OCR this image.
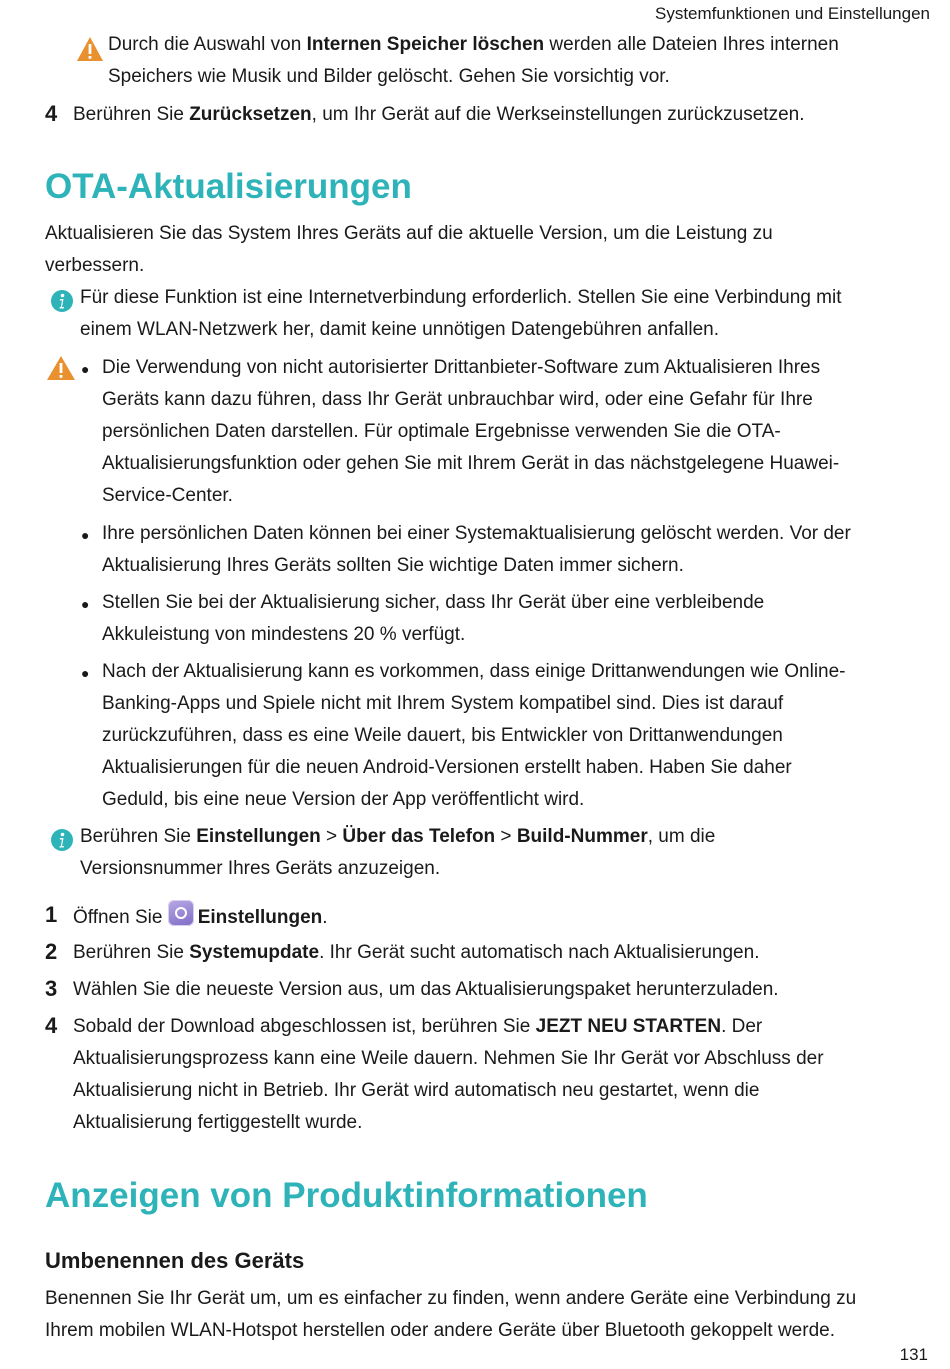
Systemfunktionen und Einstellungen

Durch die Auswahl von Internen Speicher löschen werden alle Dateien Ihres internen

Speichers wie Musik und Bilder gelöscht. Gehen Sie vorsichtig vor.

4 Berühren Sie Zurücksetzen, um Ihr Gerät auf die Werkseinstellungen zurückzusetzen.

OTA-Aktualisierungen

Aktualisieren Sie das System Ihres Geräts auf die aktuelle Version, um die Leistung zu

verbessern.

Für diese Funktion ist eine Internetverbindung erforderlich. Stellen Sie eine Verbindung mit

einem WLAN-Netzwerk her, damit keine unnötigen Datengebühren anfallen.

● Die Verwendung von nicht autorisierter Drittanbieter-Software zum Aktualisieren Ihres

Geräts kann dazu führen, dass Ihr Gerät unbrauchbar wird, oder eine Gefahr für Ihre

persönlichen Daten darstellen. Für optimale Ergebnisse verwenden Sie die OTA-

Aktualisierungsfunktion oder gehen Sie mit Ihrem Gerät in das nächstgelegene Huawei-

Service-Center.

● Ihre persönlichen Daten können bei einer Systemaktualisierung gelöscht werden. Vor der

Aktualisierung Ihres Geräts sollten Sie wichtige Daten immer sichern.

● Stellen Sie bei der Aktualisierung sicher, dass Ihr Gerät über eine verbleibende

Akkuleistung von mindestens 20 % verfügt.

● Nach der Aktualisierung kann es vorkommen, dass einige Drittanwendungen wie Online-

Banking-Apps und Spiele nicht mit Ihrem System kompatibel sind. Dies ist darauf

zurückzuführen, dass es eine Weile dauert, bis Entwickler von Drittanwendungen

Aktualisierungen für die neuen Android-Versionen erstellt haben. Haben Sie daher

Geduld, bis eine neue Version der App veröffentlicht wird.

Berühren Sie Einstellungen > Über das Telefon > Build-Nummer, um die

Versionsnummer Ihres Geräts anzuzeigen.

1 Öffnen Sie Einstellungen.

2 Berühren Sie Systemupdate. Ihr Gerät sucht automatisch nach Aktualisierungen.

3 Wählen Sie die neueste Version aus, um das Aktualisierungspaket herunterzuladen.

4 Sobald der Download abgeschlossen ist, berühren Sie JEZT NEU STARTEN. Der

Aktualisierungsprozess kann eine Weile dauern. Nehmen Sie Ihr Gerät vor Abschluss der

Aktualisierung nicht in Betrieb. Ihr Gerät wird automatisch neu gestartet, wenn die

Aktualisierung fertiggestellt wurde.

Anzeigen von Produktinformationen
Umbenennen des Geräts

Benennen Sie Ihr Gerät um, um es einfacher zu finden, wenn andere Geräte eine Verbindung zu

Ihrem mobilen WLAN-Hotspot herstellen oder andere Geräte über Bluetooth gekoppelt werde.

131
